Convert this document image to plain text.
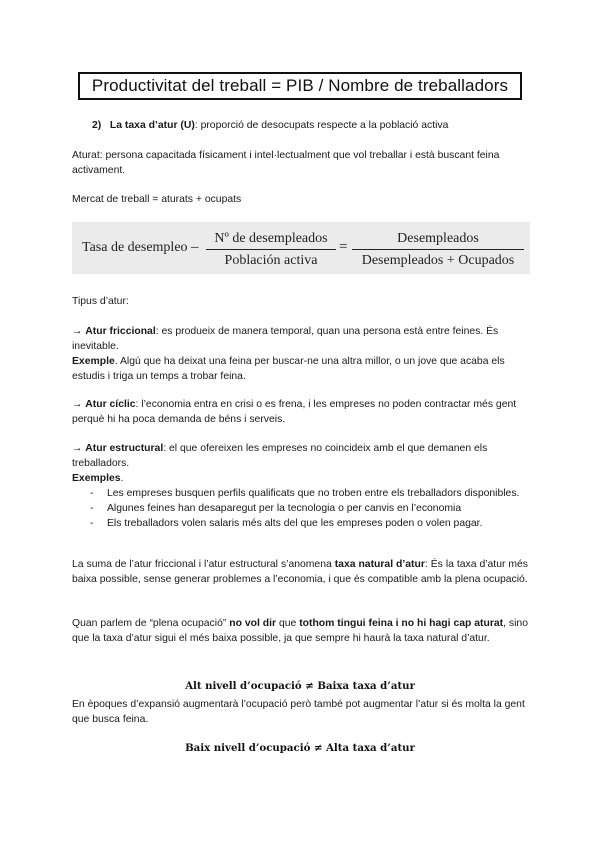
Productivitat del treball = PIB / Nombre de treballadors
2) La taxa d’atur (U): proporció de desocupats respecte a la població activa
Aturat: persona capacitada físicament i intel·lectualment que vol treballar i està buscant feina activament.
Mercat de treball = aturats + ocupats
Tasa de desempleo –
Nº de desempleados
Población activa
=
Desempleados
Desempleados + Ocupados
Tipus d’atur:
→ Atur friccional: es produeix de manera temporal, quan una persona està entre feines. És inevitable.
Exemple. Algú que ha deixat una feina per buscar-ne una altra millor, o un jove que acaba els estudis i triga un temps a trobar feina.
→ Atur cíclic: l’economia entra en crisi o es frena, i les empreses no poden contractar més gent perquè hi ha poca demanda de béns i serveis.
→ Atur estructural: el que ofereixen les empreses no coincideix amb el que demanen els treballadors.
Exemples.
- Les empreses busquen perfils qualificats que no troben entre els treballadors disponibles.
- Algunes feines han desaparegut per la tecnologia o per canvis en l’economia
- Els treballadors volen salaris més alts del que les empreses poden o volen pagar.
La suma de l’atur friccional i l’atur estructural s’anomena taxa natural d’atur: És la taxa d’atur més baixa possible, sense generar problemes a l’economia, i que és compatible amb la plena ocupació.
Quan parlem de “plena ocupació” no vol dir que tothom tingui feina i no hi hagi cap aturat, sino que la taxa d’atur sigui el més baixa possible, ja que sempre hi haurà la taxa natural d’atur.
Alt nivell d’ocupació ≠ Baixa taxa d’atur
En èpoques d’expansió augmentarà l’ocupació però també pot augmentar l’atur si és molta la gent que busca feina.
Baix nivell d’ocupació ≠ Alta taxa d’atur
